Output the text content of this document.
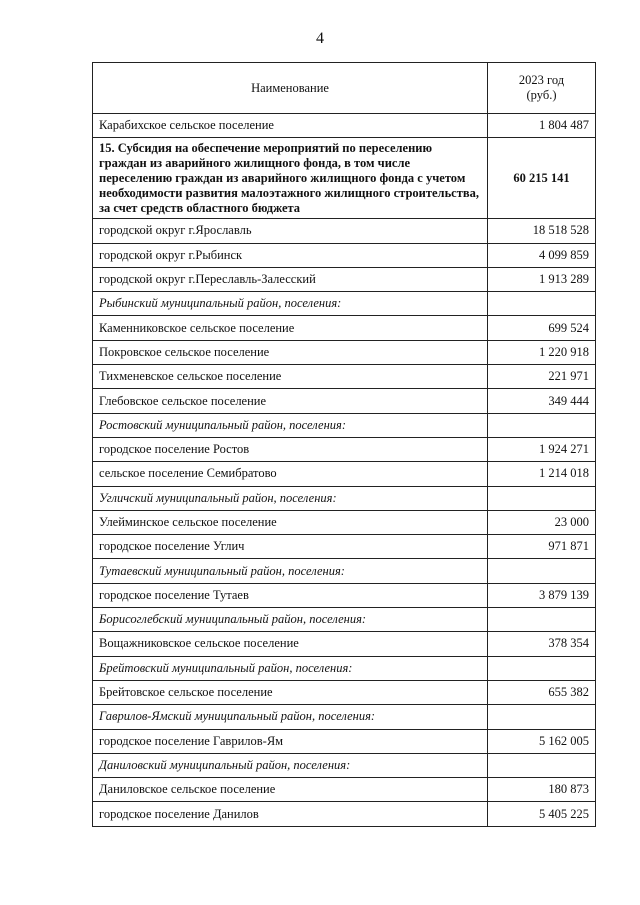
4
Наименование	2023 год
(руб.)
Карабихское сельское поселение	1 804 487
15. Субсидия на обеспечение мероприятий по переселению граждан из аварийного жилищного фонда, в том числе переселению граждан из аварийного жилищного фонда с учетом необходимости развития малоэтажного жилищного строительства, за счет средств областного бюджета	60 215 141
городской округ г.Ярославль	18 518 528
городской округ г.Рыбинск	4 099 859
городской округ г.Переславль-Залесский	1 913 289
Рыбинский муниципальный район, поселения:	
Каменниковское сельское поселение	699 524
Покровское сельское поселение	1 220 918
Тихменевское сельское поселение	221 971
Глебовское сельское поселение	349 444
Ростовский муниципальный район, поселения:	
городское поселение Ростов	1 924 271
сельское поселение Семибратово	1 214 018
Угличский муниципальный район, поселения:	
Улейминское сельское поселение	23 000
городское поселение Углич	971 871
Тутаевский муниципальный район, поселения:	
городское поселение Тутаев	3 879 139
Борисоглебский муниципальный район, поселения:	
Вощажниковское сельское поселение	378 354
Брейтовский муниципальный район, поселения:	
Брейтовское сельское поселение	655 382
Гаврилов-Ямский муниципальный район, поселения:	
городское поселение Гаврилов-Ям	5 162 005
Даниловский муниципальный район, поселения:	
Даниловское сельское поселение	180 873
городское поселение Данилов	5 405 225
